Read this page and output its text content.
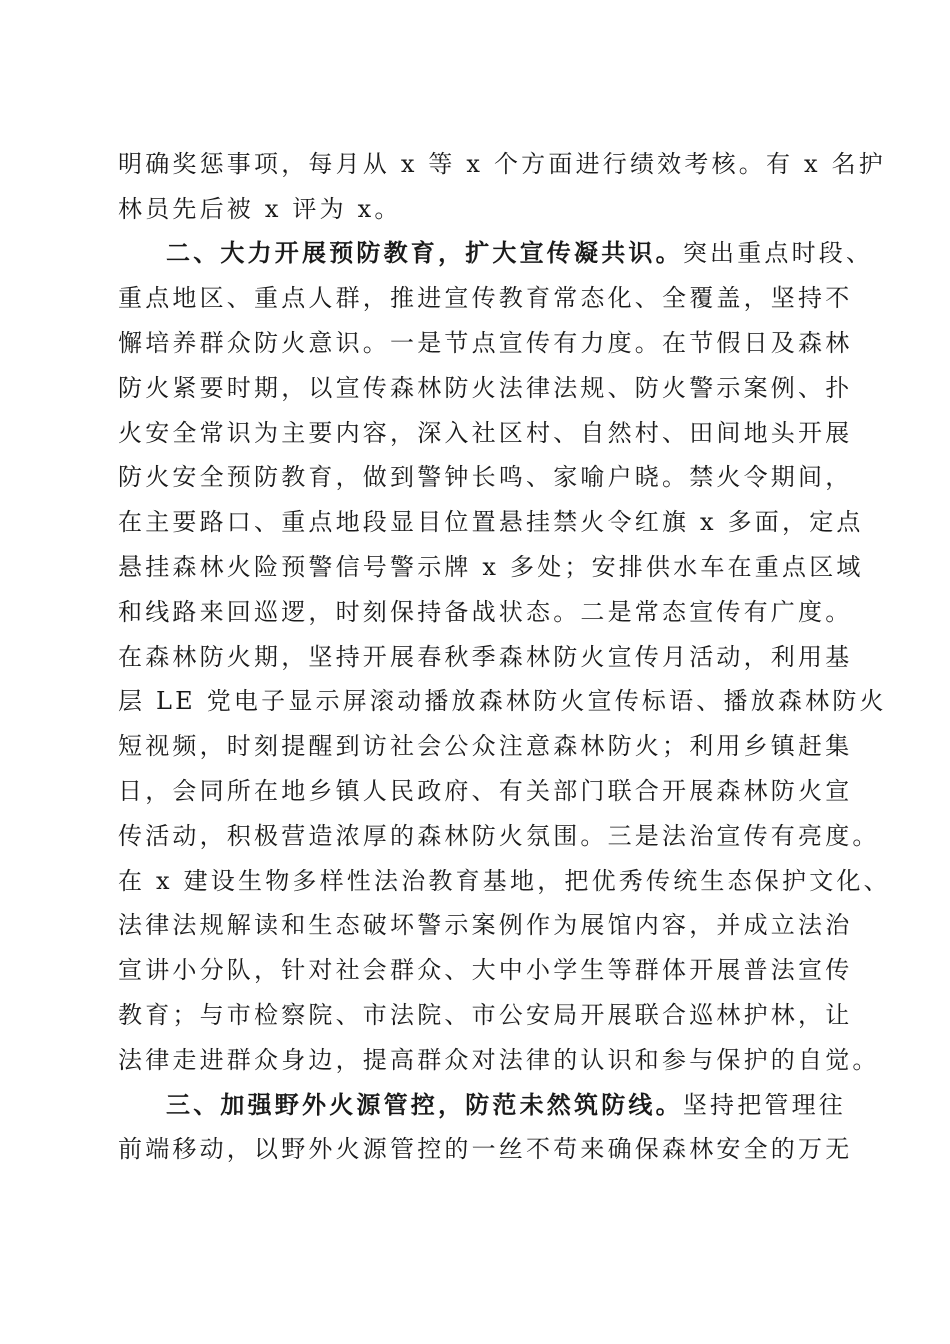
明确奖惩事项，每月从 x 等 x 个方面进行绩效考核。有 x 名护
林员先后被 x 评为 x。
二、大力开展预防教育，扩大宣传凝共识。突出重点时段、
重点地区、重点人群，推进宣传教育常态化、全覆盖，坚持不
懈培养群众防火意识。一是节点宣传有力度。在节假日及森林
防火紧要时期，以宣传森林防火法律法规、防火警示案例、扑
火安全常识为主要内容，深入社区村、自然村、田间地头开展
防火安全预防教育，做到警钟长鸣、家喻户晓。禁火令期间，
在主要路口、重点地段显目位置悬挂禁火令红旗 x 多面，定点
悬挂森林火险预警信号警示牌 x 多处；安排供水车在重点区域
和线路来回巡逻，时刻保持备战状态。二是常态宣传有广度。
在森林防火期，坚持开展春秋季森林防火宣传月活动，利用基
层 LE 党电子显示屏滚动播放森林防火宣传标语、播放森林防火
短视频，时刻提醒到访社会公众注意森林防火；利用乡镇赶集
日，会同所在地乡镇人民政府、有关部门联合开展森林防火宣
传活动，积极营造浓厚的森林防火氛围。三是法治宣传有亮度。
在 x 建设生物多样性法治教育基地，把优秀传统生态保护文化、
法律法规解读和生态破坏警示案例作为展馆内容，并成立法治
宣讲小分队，针对社会群众、大中小学生等群体开展普法宣传
教育；与市检察院、市法院、市公安局开展联合巡林护林，让
法律走进群众身边，提高群众对法律的认识和参与保护的自觉。
三、加强野外火源管控，防范未然筑防线。坚持把管理往
前端移动，以野外火源管控的一丝不苟来确保森林安全的万无
